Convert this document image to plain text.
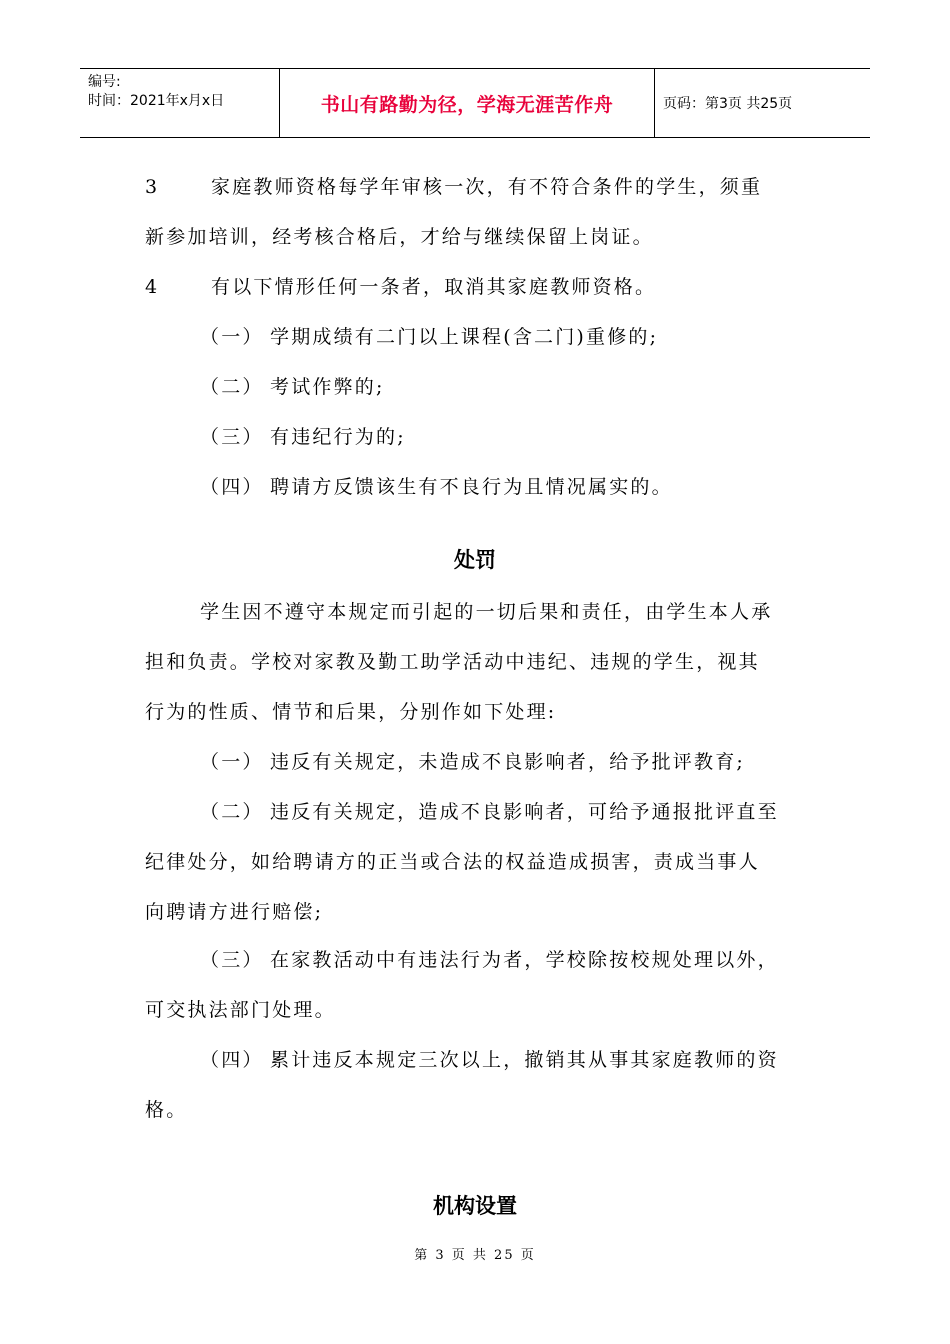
编号:
时间：2021年x月x日	书山有路勤为径，学海无涯苦作舟	页码：第3页 共25页
3	家庭教师资格每学年审核一次，有不符合条件的学生，须重
新参加培训，经考核合格后，才给与继续保留上岗证。
4	有以下情形任何一条者，取消其家庭教师资格。
（一） 学期成绩有二门以上课程(含二门)重修的;
（二） 考试作弊的;
（三） 有违纪行为的;
（四） 聘请方反馈该生有不良行为且情况属实的。
处罚
学生因不遵守本规定而引起的一切后果和责任，由学生本人承
担和负责。学校对家教及勤工助学活动中违纪、违规的学生，视其
行为的性质、情节和后果，分别作如下处理:
（一） 违反有关规定，未造成不良影响者，给予批评教育;
（二） 违反有关规定，造成不良影响者，可给予通报批评直至
纪律处分，如给聘请方的正当或合法的权益造成损害，责成当事人
向聘请方进行赔偿;
（三） 在家教活动中有违法行为者，学校除按校规处理以外，
可交执法部门处理。
（四） 累计违反本规定三次以上，撤销其从事其家庭教师的资
格。
机构设置
第 3 页 共 25 页
